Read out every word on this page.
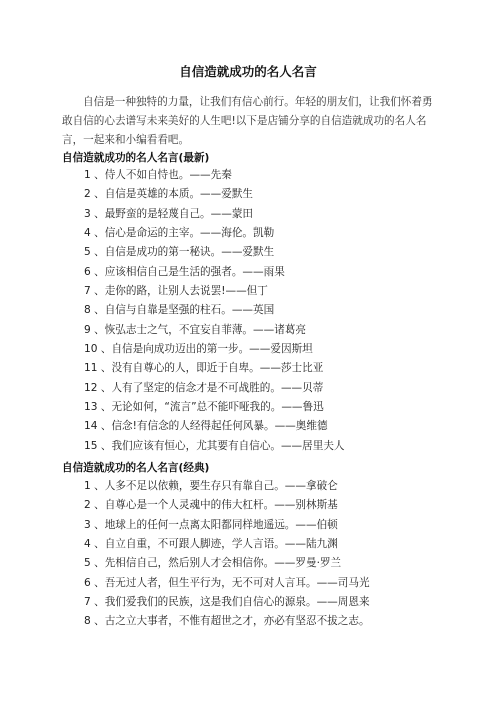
自信造就成功的名人名言

自信是一种独特的力量，让我们有信心前行。年轻的朋友们，让我们怀着勇敢自信的心去谱写未来美好的人生吧!以下是店铺分享的自信造就成功的名人名言，一起来和小编看看吧。

自信造就成功的名人名言(最新)
1 、侍人不如自恃也。——先秦
2 、自信是英雄的本质。——爱默生
3 、最野蛮的是轻蔑自己。——蒙田
4 、信心是命运的主宰。——海伦。凯勒
5 、自信是成功的第一秘诀。——爱默生
6 、应该相信自己是生活的强者。——雨果
7 、走你的路，让别人去说罢!——但丁
8 、自信与自靠是坚强的柱石。——英国
9 、恢弘志士之气，不宜妄自菲薄。——诸葛亮
10 、自信是向成功迈出的第一步。——爱因斯坦
11 、没有自尊心的人，即近于自卑。——莎士比亚
12 、人有了坚定的信念才是不可战胜的。——贝蒂
13 、无论如何，“流言”总不能吓哑我的。——鲁迅
14 、信念!有信念的人经得起任何风暴。——奥维德
15 、我们应该有恒心，尤其要有自信心。——居里夫人
自信造就成功的名人名言(经典)
1 、人多不足以依赖，要生存只有靠自己。——拿破仑
2 、自尊心是一个人灵魂中的伟大杠杆。——别林斯基
3 、地球上的任何一点离太阳都同样地遥远。——伯顿
4 、自立自重，不可跟人脚迹，学人言语。——陆九渊
5 、先相信自己，然后别人才会相信你。——罗曼·罗兰
6 、吾无过人者，但生平行为，无不可对人言耳。——司马光
7 、我们爱我们的民族，这是我们自信心的源泉。——周恩来
8 、古之立大事者，不惟有超世之才，亦必有坚忍不拔之志。
